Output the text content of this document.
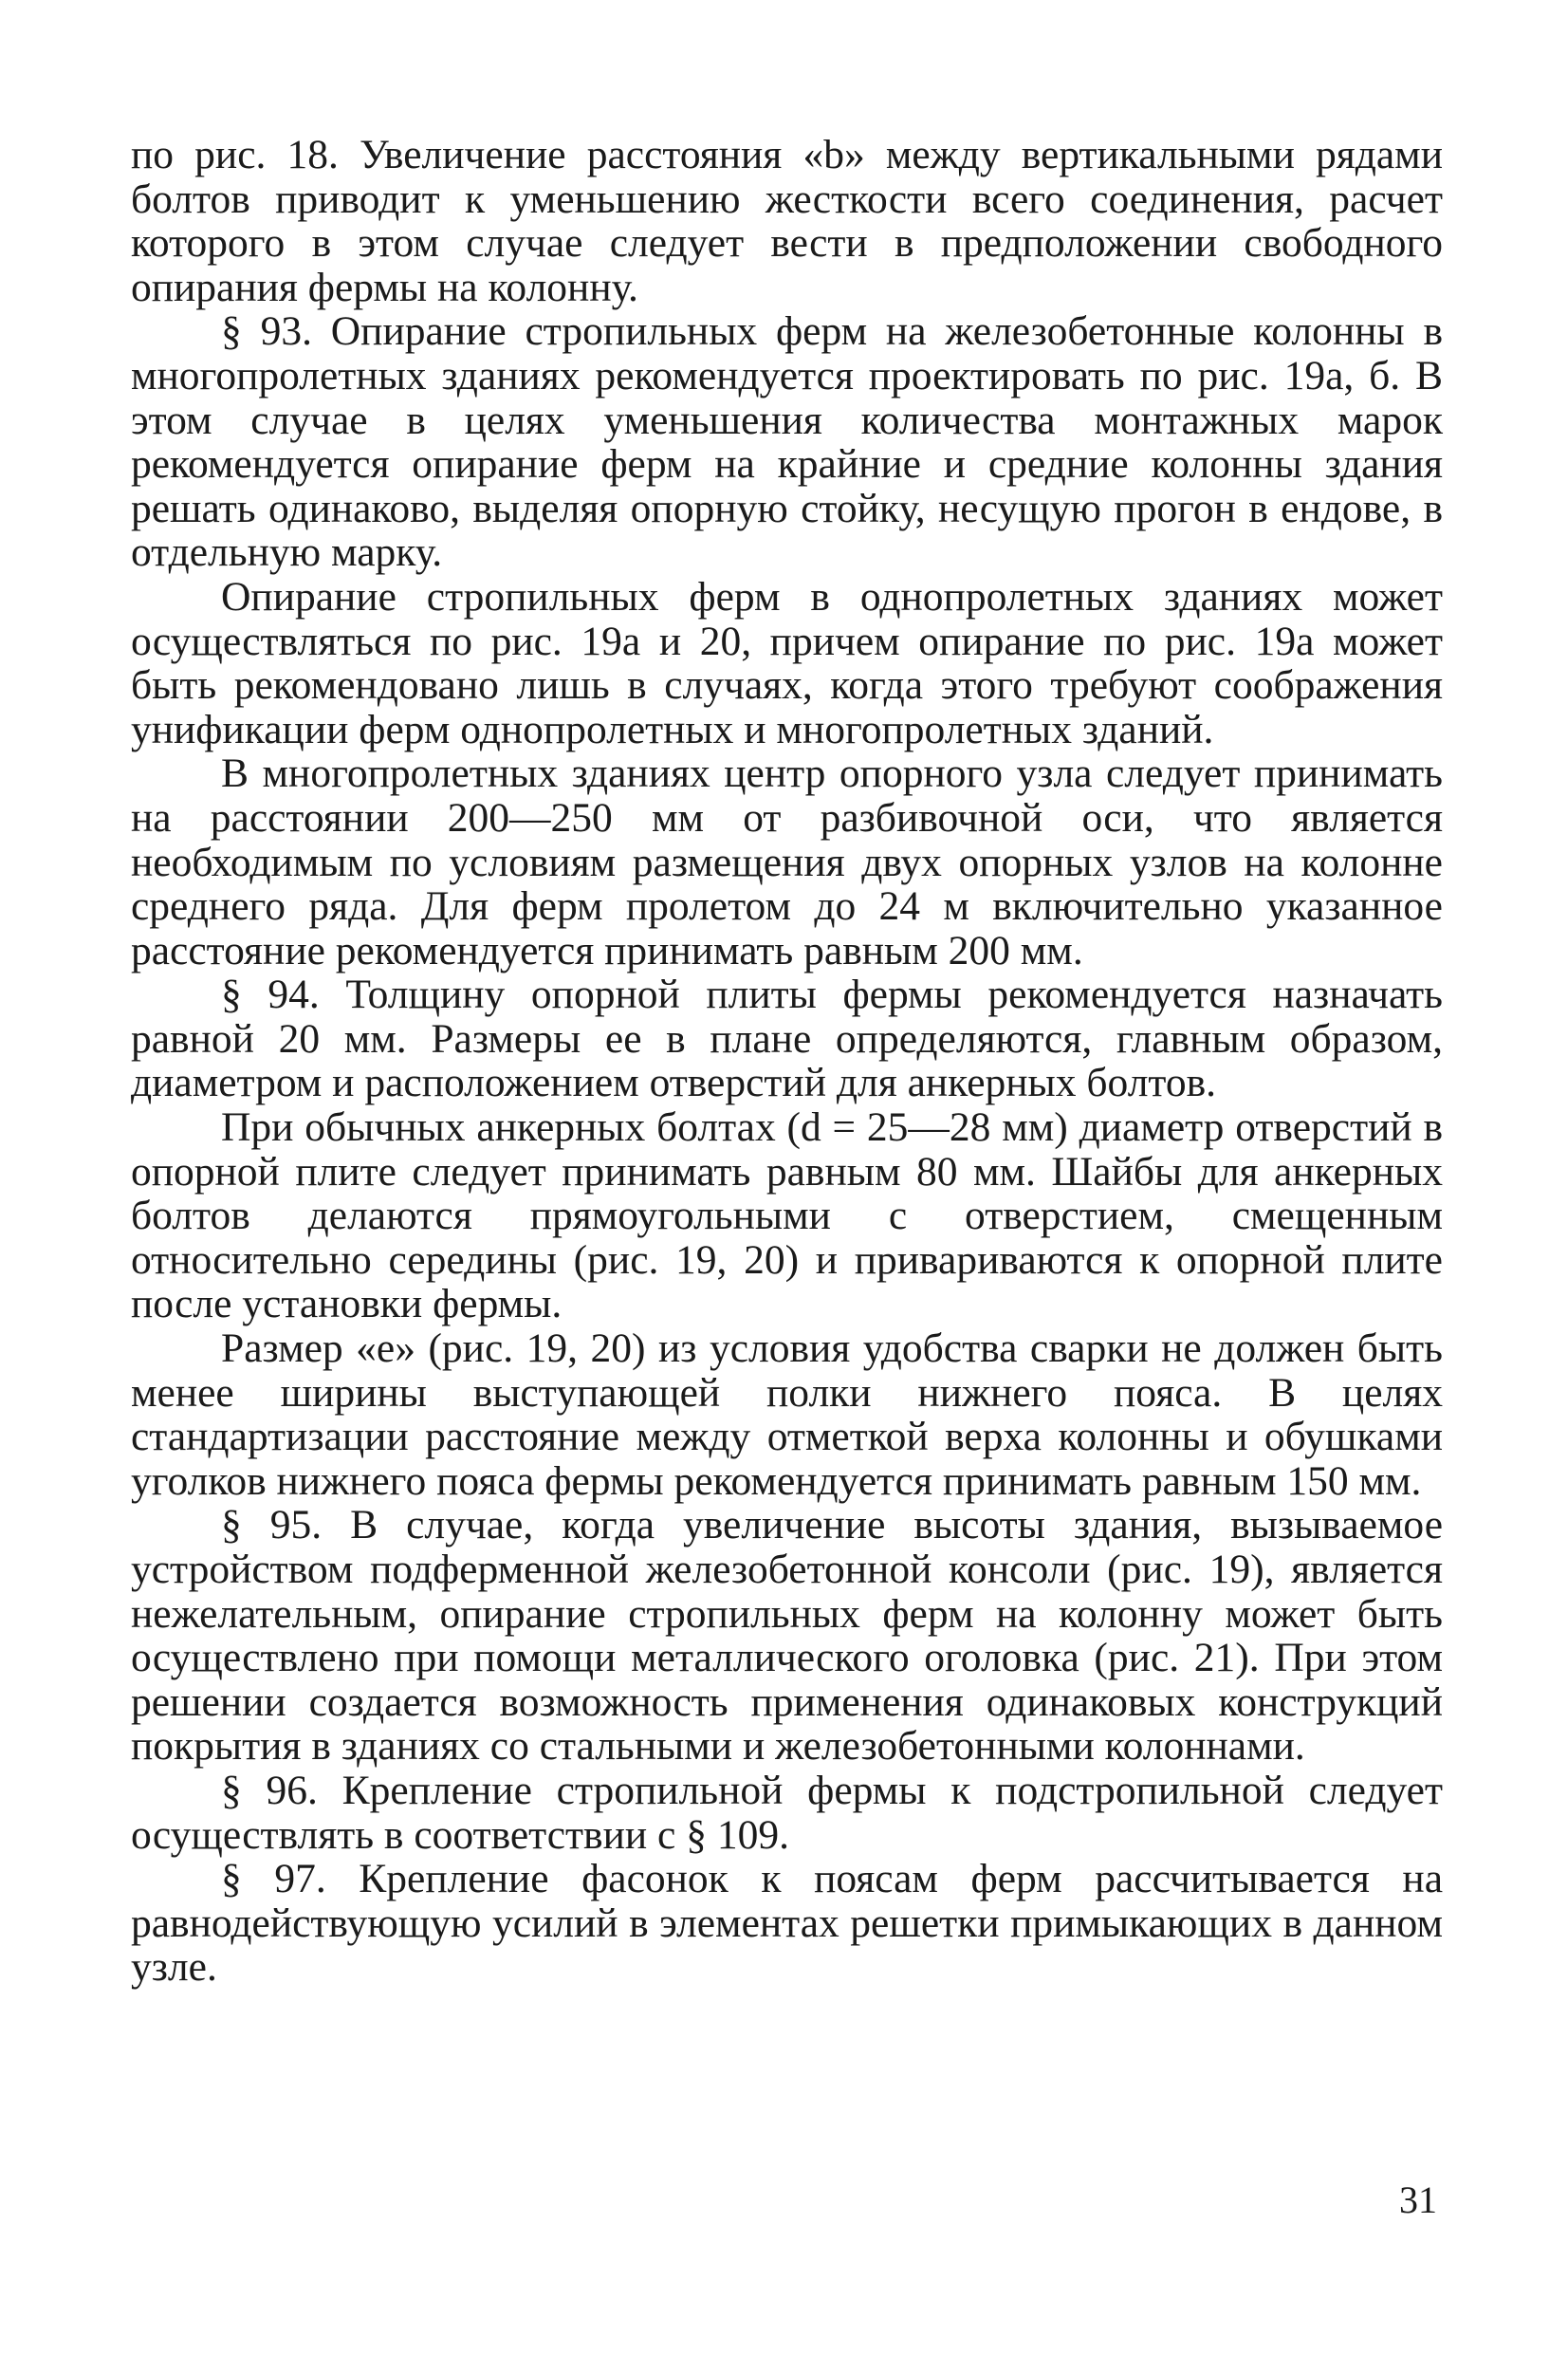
по рис. 18. Увеличение расстояния «b» между вертикальными рядами болтов приводит к уменьшению жесткости всего соединения, расчет которого в этом случае следует вести в предположении свободного опирания фермы на колонну.

§ 93. Опирание стропильных ферм на железобетонные колонны в многопролетных зданиях рекомендуется проектировать по рис. 19а, б. В этом случае в целях уменьшения количества монтажных марок рекомендуется опирание ферм на крайние и средние колонны здания решать одинаково, выделяя опорную стойку, несущую прогон в ендове, в отдельную марку.

Опирание стропильных ферм в однопролетных зданиях может осуществляться по рис. 19а и 20, причем опирание по рис. 19а может быть рекомендовано лишь в случаях, когда этого требуют соображения унификации ферм однопролетных и многопролетных зданий.

В многопролетных зданиях центр опорного узла следует принимать на расстоянии 200—250 мм от разбивочной оси, что является необходимым по условиям размещения двух опорных узлов на колонне среднего ряда. Для ферм пролетом до 24 м включительно указанное расстояние рекомендуется принимать равным 200 мм.

§ 94. Толщину опорной плиты фермы рекомендуется назначать равной 20 мм. Размеры ее в плане определяются, главным образом, диаметром и расположением отверстий для анкерных болтов.

При обычных анкерных болтах (d = 25—28 мм) диаметр отверстий в опорной плите следует принимать равным 80 мм. Шайбы для анкерных болтов делаются прямоугольными с отверстием, смещенным относительно середины (рис. 19, 20) и привариваются к опорной плите после установки фермы.

Размер «е» (рис. 19, 20) из условия удобства сварки не должен быть менее ширины выступающей полки нижнего пояса. В целях стандартизации расстояние между отметкой верха колонны и обушками уголков нижнего пояса фермы рекомендуется принимать равным 150 мм.

§ 95. В случае, когда увеличение высоты здания, вызываемое устройством подферменной железобетонной консоли (рис. 19), является нежелательным, опирание стропильных ферм на колонну может быть осуществлено при помощи металлического оголовка (рис. 21). При этом решении создается возможность применения одинаковых конструкций покрытия в зданиях со стальными и железобетонными колоннами.

§ 96. Крепление стропильной фермы к подстропильной следует осуществлять в соответствии с § 109.

§ 97. Крепление фасонок к поясам ферм рассчитывается на равнодействующую усилий в элементах решетки примыкающих в данном узле.

31
